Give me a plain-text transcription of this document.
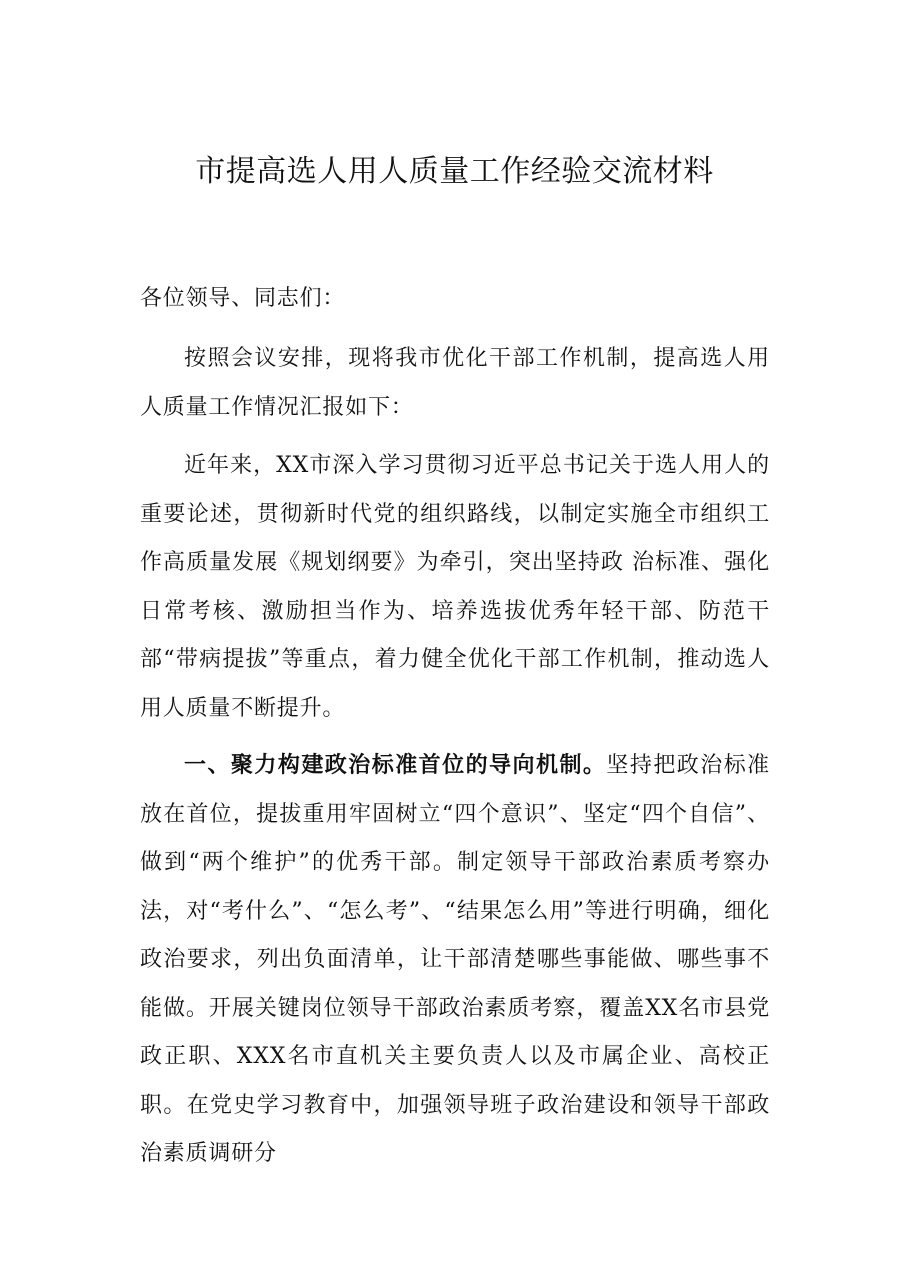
市提高选人用人质量工作经验交流材料
各位领导、同志们：
按照会议安排，现将我市优化干部工作机制，提高选人用人质量工作情况汇报如下：
近年来，XX市深入学习贯彻习近平总书记关于选人用人的重要论述，贯彻新时代党的组织路线，以制定实施全市组织工作高质量发展《规划纲要》为牵引，突出坚持政 治标准、强化日常考核、激励担当作为、培养选拔优秀年轻干部、防范干部“带病提拔”等重点，着力健全优化干部工作机制，推动选人用人质量不断提升。
一、聚力构建政治标准首位的导向机制。坚持把政治标准放在首位，提拔重用牢固树立“四个意识”、坚定“四个自信”、做到“两个维护”的优秀干部。制定领导干部政治素质考察办法，对“考什么”、“怎么考”、“结果怎么用”等进行明确，细化政治要求，列出负面清单，让干部清楚哪些事能做、哪些事不能做。开展关键岗位领导干部政治素质考察，覆盖XX名市县党政正职、XXX名市直机关主要负责人以及市属企业、高校正职。在党史学习教育中，加强领导班子政治建设和领导干部政治素质调研分
